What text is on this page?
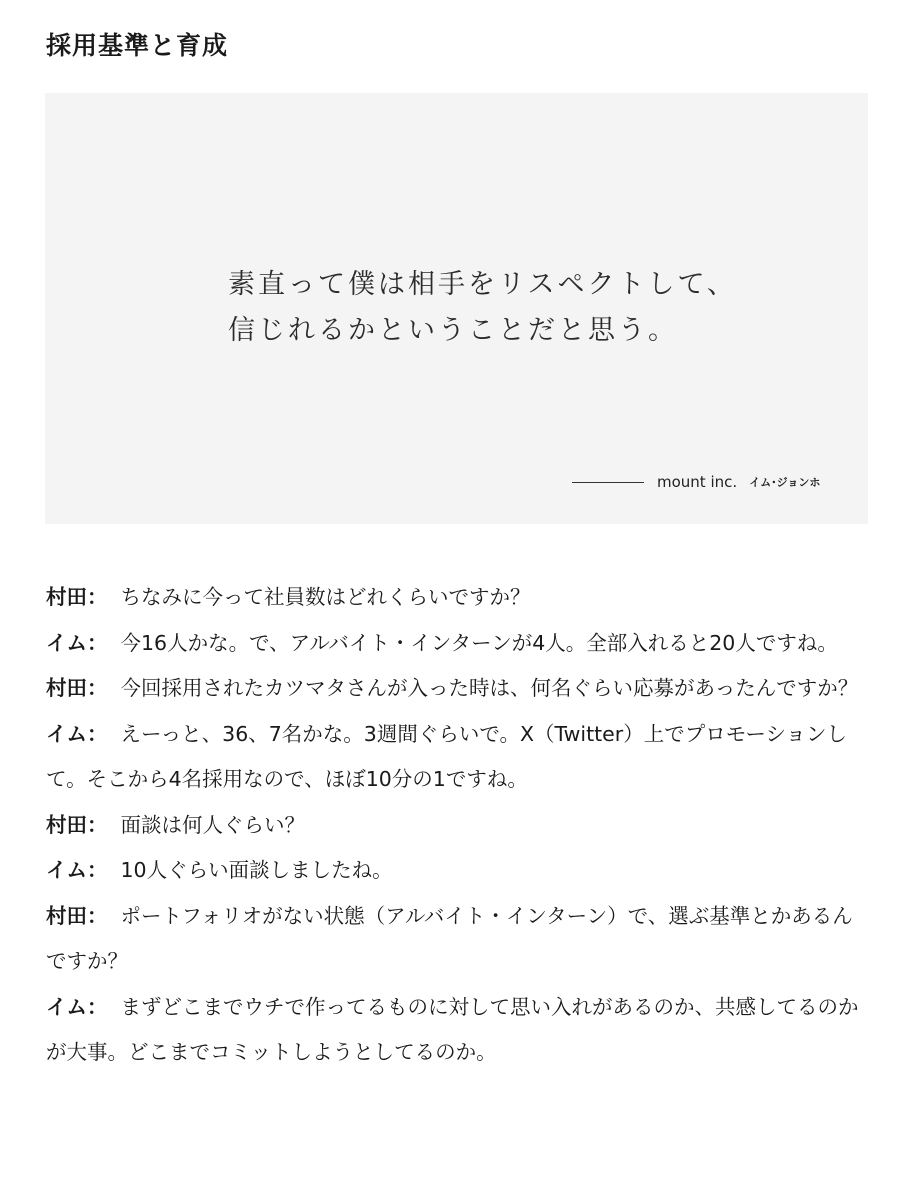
採用基準と育成

素直って僕は相手をリスペクトして、
信じれるかということだと思う。

mount inc. イム･ジョンホ

村田： ちなみに今って社員数はどれくらいですか？

イム： 今16人かな。で、アルバイト・インターンが4人。全部入れると20人ですね。

村田： 今回採用されたカツマタさんが入った時は、何名ぐらい応募があったんですか？

イム： えーっと、36、7名かな。3週間ぐらいで。X（Twitter）上でプロモーションして。そこから4名採用なので、ほぼ10分の1ですね。

村田： 面談は何人ぐらい？

イム： 10人ぐらい面談しましたね。

村田： ポートフォリオがない状態（アルバイト・インターン）で、選ぶ基準とかあるんですか？

イム： まずどこまでウチで作ってるものに対して思い入れがあるのか、共感してるのかが大事。どこまでコミットしようとしてるのか。
